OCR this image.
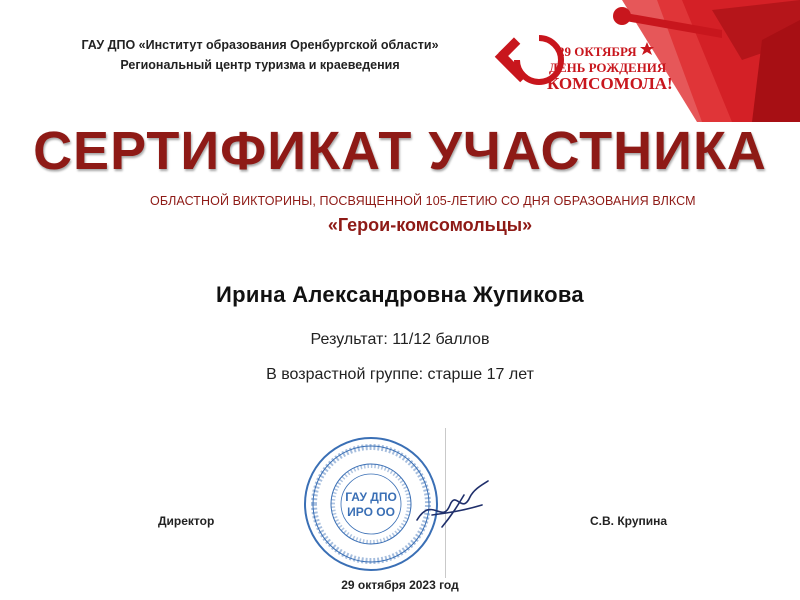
ГАУ ДПО «Институт образования Оренбургской области»
Региональный центр туризма и краеведения
29 ОКТЯБРЯ
ДЕНЬ РОЖДЕНИЯ
КОМСОМОЛА!
СЕРТИФИКАТ УЧАСТНИКА
ОБЛАСТНОЙ ВИКТОРИНЫ, ПОСВЯЩЕННОЙ 105-ЛЕТИЮ СО ДНЯ ОБРАЗОВАНИЯ ВЛКСМ
«Герои-комсомольцы»
Ирина Александровна Жупикова
Результат: 11/12 баллов
В возрастной группе: старше 17 лет
ГАУ ДПО
ИРО ОО
Директор	С.В. Крупина
29 октября 2023 год
